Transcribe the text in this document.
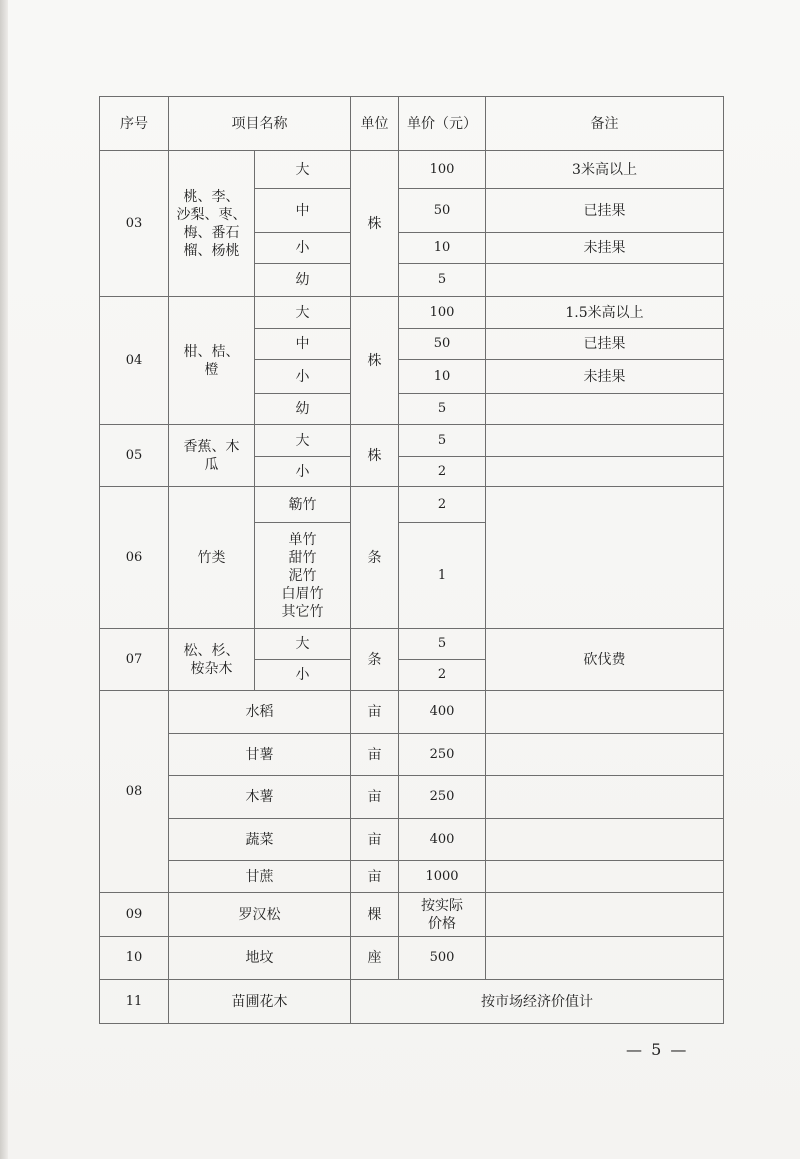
序号	项目名称		单位	单价（元）	备注
03	桃、李、
沙梨、枣、
梅、番石
榴、杨桃	大	株	100	3米高以上
		中		50	已挂果
		小		10	未挂果
		幼		5	
04	柑、桔、
橙	大	株	100	1.5米高以上
		中		50	已挂果
		小		10	未挂果
		幼		5	
05	香蕉、木
瓜	大	株	5	
		小		2	
06	竹类	簕竹	条	2	

		单竹
甜竹
泥竹
白眉竹
其它竹		1	
07	松、杉、
桉杂木	大	条	5	砍伐费
		小		2	
08	水稻		亩	400	
	甘薯		亩	250	
	木薯		亩	250	
	蔬菜		亩	400	
	甘蔗		亩	1000	
09	罗汉松		棵	按实际
价格	

10	地坟		座	500	
11	苗圃花木		按市场经济价值计		
— 5 —
